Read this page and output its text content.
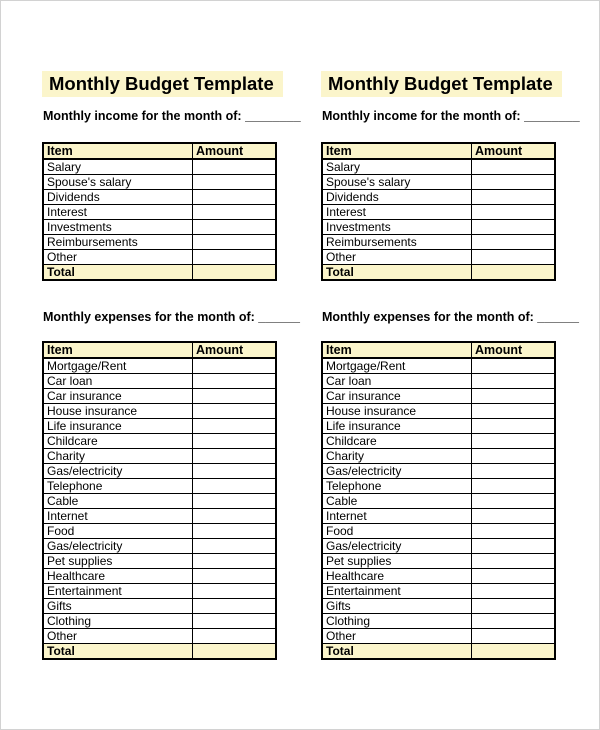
Monthly Budget Template
Monthly income for the month of: ________
Item	Amount
Salary	
Spouse's salary	
Dividends	
Interest	
Investments	
Reimbursements	
Other	
Total	
Monthly expenses for the month of: ______
Item	Amount
Mortgage/Rent	
Car loan	
Car insurance	
House insurance	
Life insurance	
Childcare	
Charity	
Gas/electricity	
Telephone	
Cable	
Internet	
Food	
Gas/electricity	
Pet supplies	
Healthcare	
Entertainment	
Gifts	
Clothing	
Other	
Total	
Monthly Budget Template
Monthly income for the month of: ________
Item	Amount
Salary	
Spouse's salary	
Dividends	
Interest	
Investments	
Reimbursements	
Other	
Total	
Monthly expenses for the month of: ______
Item	Amount
Mortgage/Rent	
Car loan	
Car insurance	
House insurance	
Life insurance	
Childcare	
Charity	
Gas/electricity	
Telephone	
Cable	
Internet	
Food	
Gas/electricity	
Pet supplies	
Healthcare	
Entertainment	
Gifts	
Clothing	
Other	
Total	
